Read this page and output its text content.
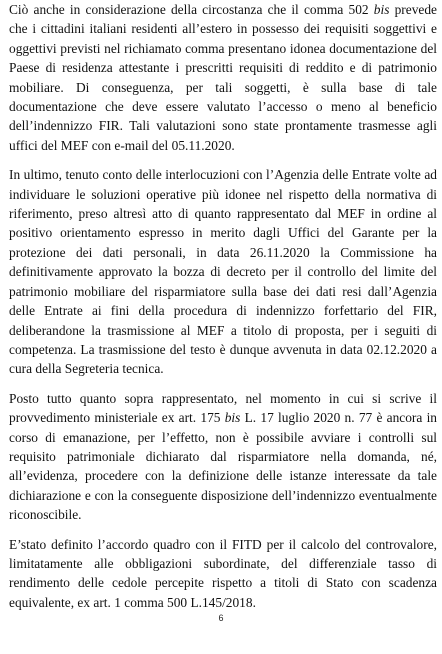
Ciò anche in considerazione della circostanza che il comma 502 bis prevede che i cittadini italiani residenti all’estero in possesso dei requisiti soggettivi e oggettivi previsti nel richiamato comma presentano idonea documentazione del Paese di residenza attestante i prescritti requisiti di reddito e di patrimonio mobiliare. Di conseguenza, per tali soggetti, è sulla base di tale documentazione che deve essere valutato l’accesso o meno al beneficio dell’indennizzo FIR. Tali valutazioni sono state prontamente trasmesse agli uffici del MEF con e-mail del 05.11.2020.

In ultimo, tenuto conto delle interlocuzioni con l’Agenzia delle Entrate volte ad individuare le soluzioni operative più idonee nel rispetto della normativa di riferimento, preso altresì atto di quanto rappresentato dal MEF in ordine al positivo orientamento espresso in merito dagli Uffici del Garante per la protezione dei dati personali, in data 26.11.2020 la Commissione ha definitivamente approvato la bozza di decreto per il controllo del limite del patrimonio mobiliare del risparmiatore sulla base dei dati resi dall’Agenzia delle Entrate ai fini della procedura di indennizzo forfettario del FIR, deliberandone la trasmissione al MEF a titolo di proposta, per i seguiti di competenza. La trasmissione del testo è dunque avvenuta in data 02.12.2020 a cura della Segreteria tecnica.

Posto tutto quanto sopra rappresentato, nel momento in cui si scrive il provvedimento ministeriale ex art. 175 bis L. 17 luglio 2020 n. 77 è ancora in corso di emanazione, per l’effetto, non è possibile avviare i controlli sul requisito patrimoniale dichiarato dal risparmiatore nella domanda, né, all’evidenza, procedere con la definizione delle istanze interessate da tale dichiarazione e con la conseguente disposizione dell’indennizzo eventualmente riconoscibile.

E’stato definito l’accordo quadro con il FITD per il calcolo del controvalore, limitatamente alle obbligazioni subordinate, del differenziale tasso di rendimento delle cedole percepite rispetto a titoli di Stato con scadenza equivalente, ex art. 1 comma 500 L.145/2018.

6
